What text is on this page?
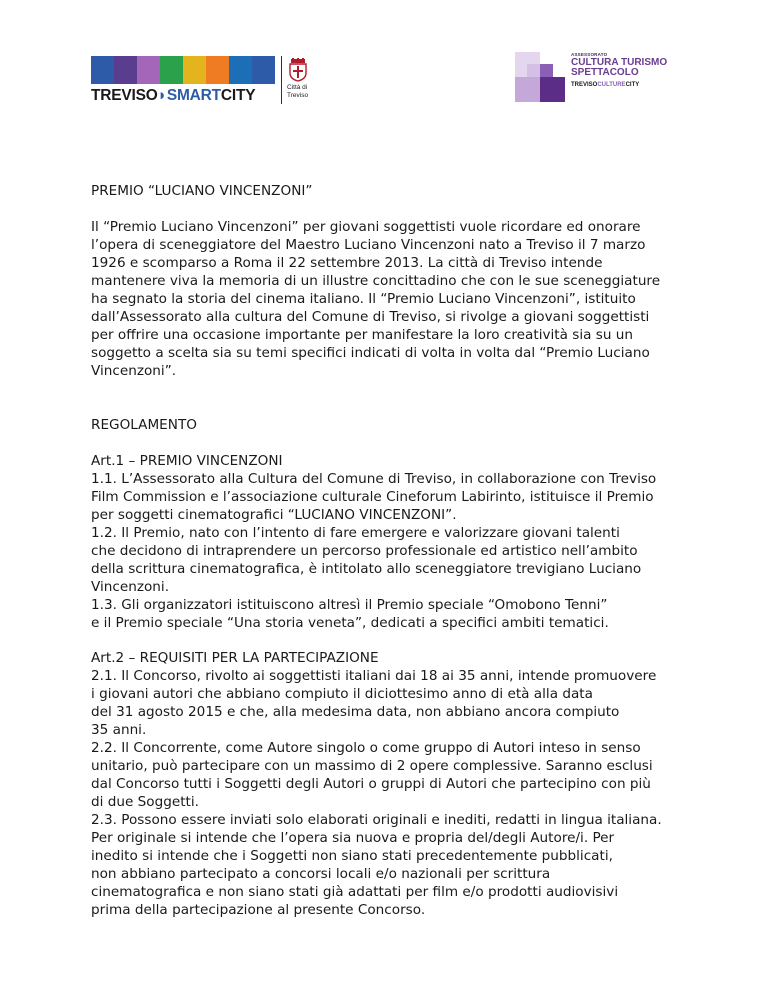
TREVISO◗SMARTCITY	Città di
Treviso
ASSESSORATO
CULTURA TURISMO
SPETTACOLO
TREVISOCULTURECITY

PREMIO “LUCIANO VINCENZONI”

Il “Premio Luciano Vincenzoni” per giovani soggettisti vuole ricordare ed onorare
l’opera di sceneggiatore del Maestro Luciano Vincenzoni nato a Treviso il 7 marzo
1926 e scomparso a Roma il 22 settembre 2013. La città di Treviso intende
mantenere viva la memoria di un illustre concittadino che con le sue sceneggiature
ha segnato la storia del cinema italiano. Il “Premio Luciano Vincenzoni”, istituito
dall’Assessorato alla cultura del Comune di Treviso, si rivolge a giovani soggettisti
per offrire una occasione importante per manifestare la loro creatività sia su un
soggetto a scelta sia su temi specifici indicati di volta in volta dal “Premio Luciano
Vincenzoni”.

REGOLAMENTO

Art.1 – PREMIO VINCENZONI
1.1. L’Assessorato alla Cultura del Comune di Treviso, in collaborazione con Treviso
Film Commission e l’associazione culturale Cineforum Labirinto, istituisce il Premio
per soggetti cinematografici “LUCIANO VINCENZONI”.
1.2. Il Premio, nato con l’intento di fare emergere e valorizzare giovani talenti
che decidono di intraprendere un percorso professionale ed artistico nell’ambito
della scrittura cinematografica, è intitolato allo sceneggiatore trevigiano Luciano
Vincenzoni.
1.3. Gli organizzatori istituiscono altresì il Premio speciale “Omobono Tenni”
e il Premio speciale “Una storia veneta”, dedicati a specifici ambiti tematici.

Art.2 – REQUISITI PER LA PARTECIPAZIONE
2.1. Il Concorso, rivolto ai soggettisti italiani dai 18 ai 35 anni, intende promuovere
i giovani autori che abbiano compiuto il diciottesimo anno di età alla data
del 31 agosto 2015 e che, alla medesima data, non abbiano ancora compiuto
35 anni.
2.2. Il Concorrente, come Autore singolo o come gruppo di Autori inteso in senso
unitario, può partecipare con un massimo di 2 opere complessive. Saranno esclusi
dal Concorso tutti i Soggetti degli Autori o gruppi di Autori che partecipino con più
di due Soggetti.
2.3. Possono essere inviati solo elaborati originali e inediti, redatti in lingua italiana.
Per originale si intende che l’opera sia nuova e propria del/degli Autore/i. Per
inedito si intende che i Soggetti non siano stati precedentemente pubblicati,
non abbiano partecipato a concorsi locali e/o nazionali per scrittura
cinematografica e non siano stati già adattati per film e/o prodotti audiovisivi
prima della partecipazione al presente Concorso.
